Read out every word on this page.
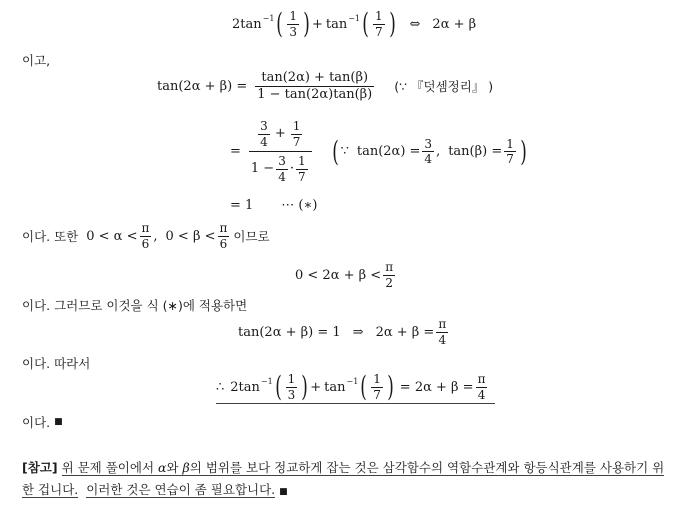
2tan −1 ( $\frac{1}{3}$ ) + tan −1 ( $\frac{1}{7}$ ) ⇔ 2α + β
이고,
$\tan(2\alpha + \beta) = \frac{\tan(2\alpha) + \tan(\beta)}{1 - \tan(2\alpha)\tan(\beta)}$ (∵ 『덧셈정리』 )
= $\frac{\frac{3}{4} + \frac{1}{7}}{1 - \frac{3}{4} \cdot \frac{1}{7}}$ ( ∵ $\tan(2\alpha) = \frac{3}{4}$ , $\tan(\beta) = \frac{1}{7}$ )
= 1 ⋯ (∗)
이다. 또한 $0 < \alpha < \frac{\pi}{6}$ , $0 < \beta < \frac{\pi}{6}$ 이므로
$0 < 2\alpha + \beta < \frac{\pi}{2}$
이다. 그러므로 이것을 식 (∗)에 적용하면
tan(2α + β) = 1 ⇒ $2\alpha + \beta = \frac{\pi}{4}$
이다. 따라서
∴ 2tan −1 ( $\frac{1}{3}$ ) + tan −1 ( $\frac{1}{7}$ ) = $2\alpha + \beta = \frac{\pi}{4}$
이다. ■
[참고] 위 문제 풀이에서 α와 β의 범위를 보다 정교하게 잡는 것은 삼각함수의 역함수관계와 항등식관계를 사용하기 위한 겁니다. 이러한 것은 연습이 좀 필요합니다. ■
